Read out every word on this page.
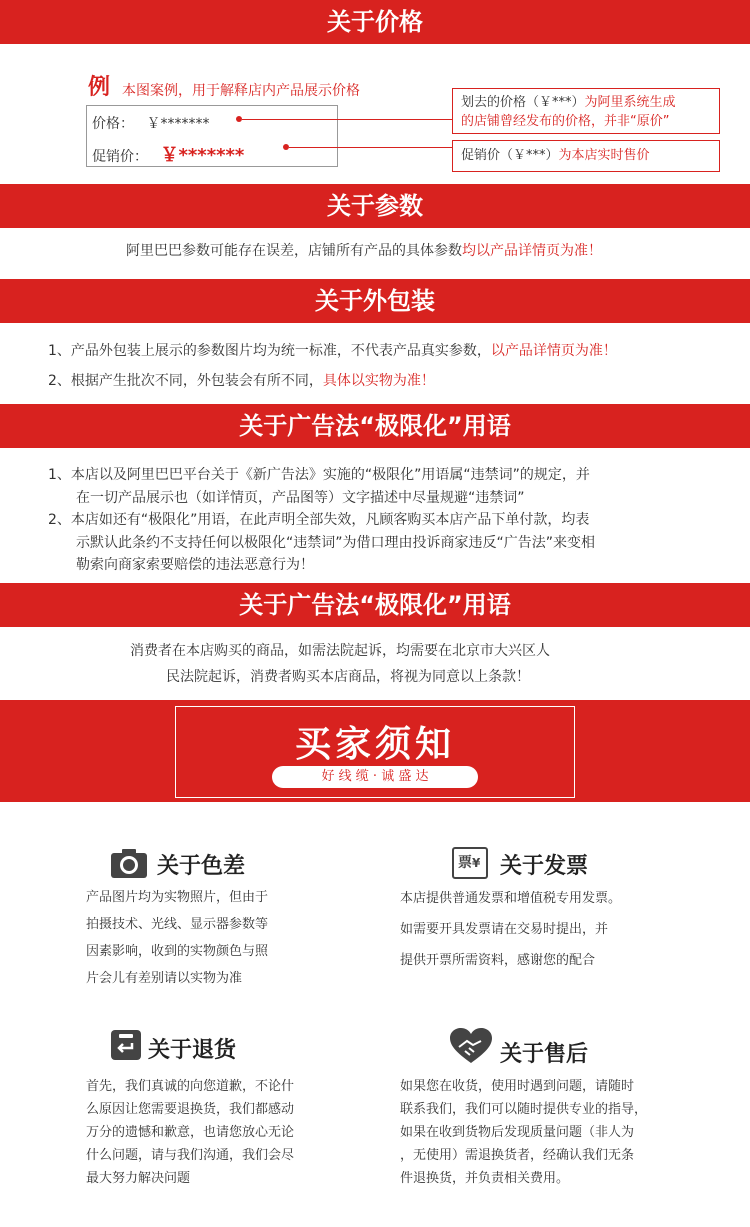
关于价格
例 本图案例，用于解释店内产品展示价格
价格： ￥*******
促销价： ￥*******
划去的价格（￥***）为阿里系统生成
的店铺曾经发布的价格，并非“原价”
促销价（￥***）为本店实时售价
关于参数
阿里巴巴参数可能存在误差，店铺所有产品的具体参数均以产品详情页为准！
关于外包装
1、产品外包装上展示的参数图片均为统一标准，不代表产品真实参数，以产品详情页为准！
2、根据产生批次不同，外包装会有所不同，具体以实物为准！
关于广告法“极限化”用语
1、本店以及阿里巴巴平台关于《新广告法》实施的“极限化”用语属“违禁词”的规定，并
在一切产品展示也（如详情页，产品图等）文字描述中尽量规避“违禁词”
2、本店如还有“极限化”用语，在此声明全部失效，凡顾客购买本店产品下单付款，均表
示默认此条约不支持任何以极限化“违禁词”为借口理由投诉商家违反“广告法”来变相
勒索向商家索要赔偿的违法恶意行为！
关于广告法“极限化”用语
消费者在本店购买的商品，如需法院起诉，均需要在北京市大兴区人
民法院起诉，消费者购买本店商品，将视为同意以上条款！
买家须知
好 线 缆 · 诚 盛 达
关于色差
产品图片均为实物照片，但由于
拍摄技术、光线、显示器参数等
因素影响，收到的实物颜色与照
片会儿有差别请以实物为准
票¥ 关于发票
本店提供普通发票和增值税专用发票。
如需要开具发票请在交易时提出，并
提供开票所需资料，感谢您的配合
关于退货
首先，我们真诚的向您道歉，不论什
么原因让您需要退换货，我们都感动
万分的遗憾和歉意，也请您放心无论
什么问题，请与我们沟通，我们会尽
最大努力解决问题
关于售后
如果您在收货，使用时遇到问题，请随时
联系我们，我们可以随时提供专业的指导，
如果在收到货物后发现质量问题（非人为
，无使用）需退换货者，经确认我们无条
件退换货，并负责相关费用。
